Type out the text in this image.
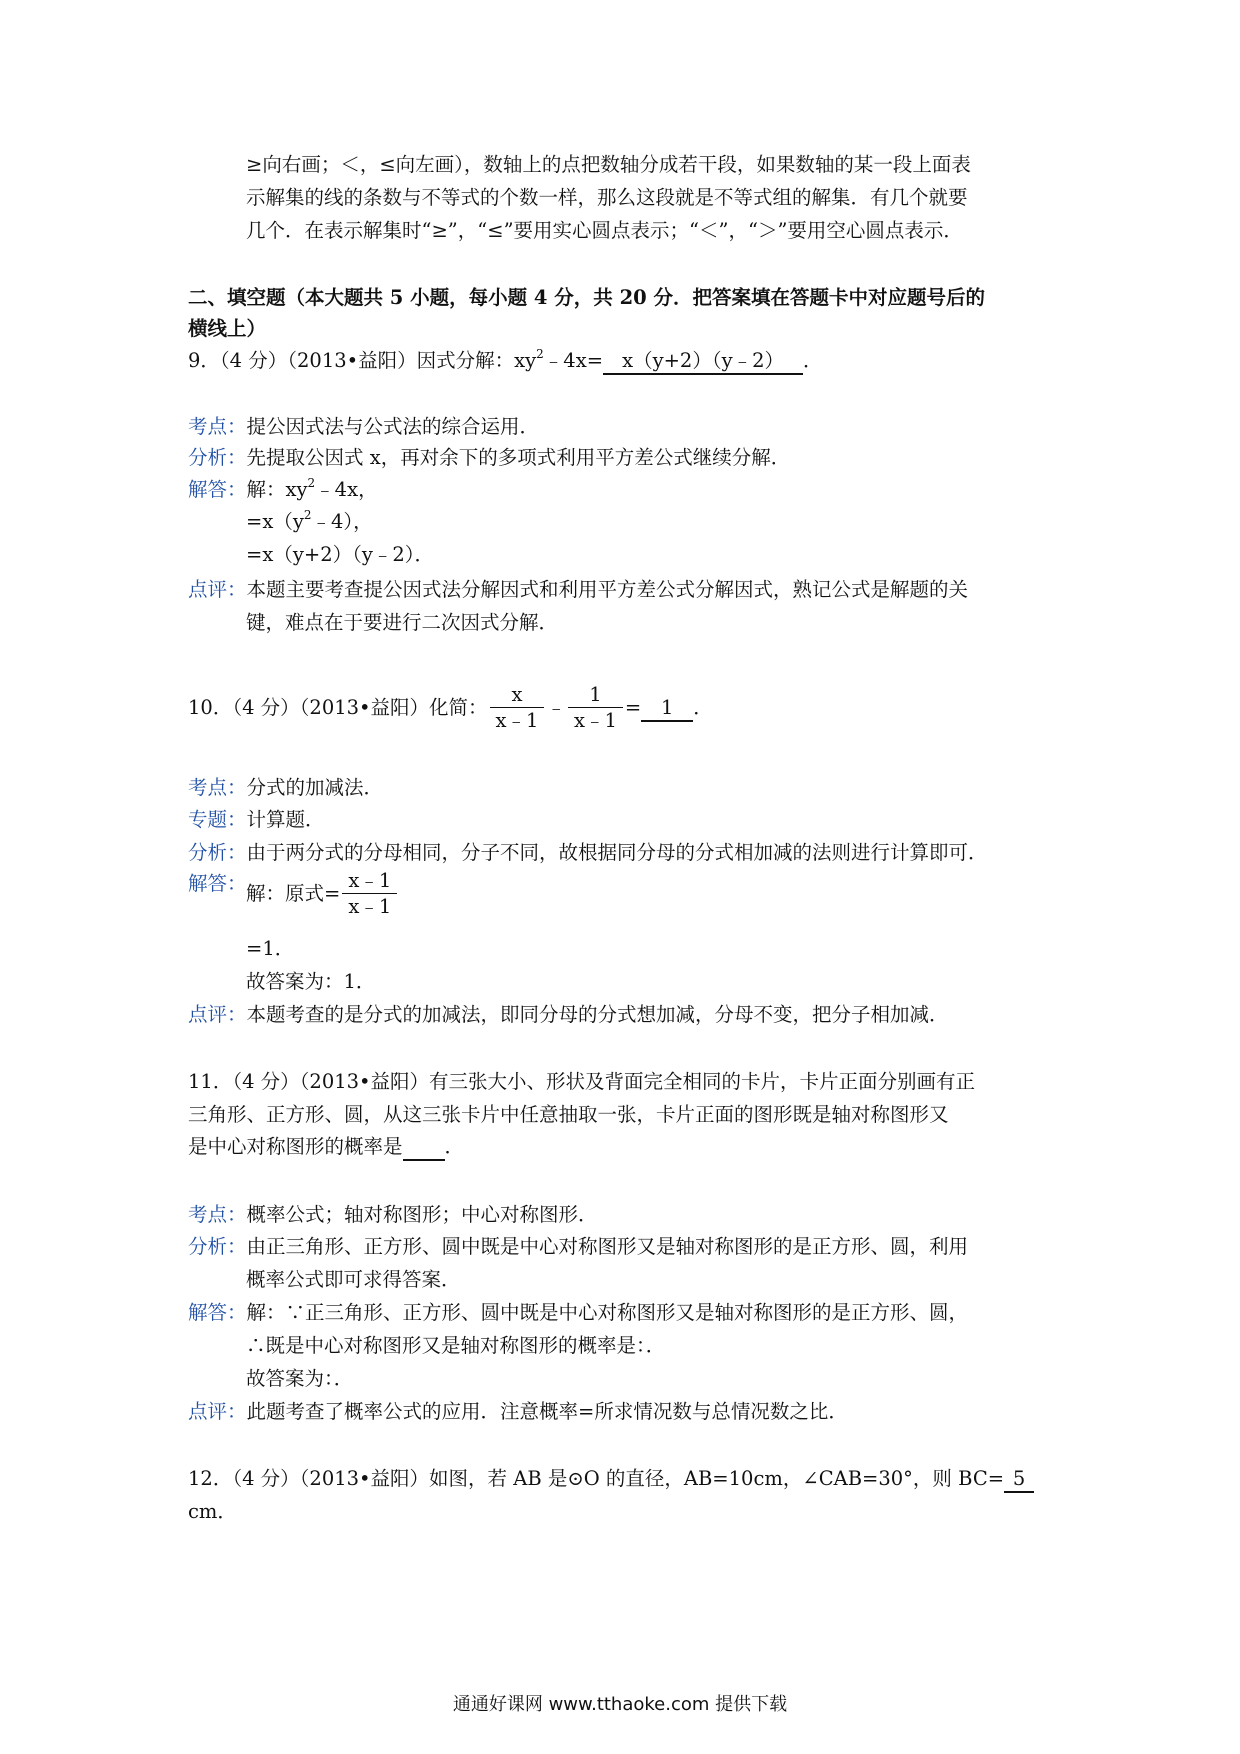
≥向右画；＜，≤向左画），数轴上的点把数轴分成若干段，如果数轴的某一段上面表
示解集的线的条数与不等式的个数一样，那么这段就是不等式组的解集．有几个就要
几个．在表示解集时“≥”，“≤”要用实心圆点表示；“＜”，“＞”要用空心圆点表示．
二、填空题（本大题共 5 小题，每小题 4 分，共 20 分．把答案填在答题卡中对应题号后的
横线上）
9．（4 分）（2013•益阳）因式分解：$xy^2﹣4x=$ x（y+2）（y﹣2） ．
考点：提公因式法与公式法的综合运用．
分析：先提取公因式 x，再对余下的多项式利用平方差公式继续分解．
解答：解：$xy^2﹣4x$，
$=x(y^2﹣4)$，
=x（y+2）（y﹣2）．
点评：本题主要考查提公因式法分解因式和利用平方差公式分解因式，熟记公式是解题的关
键，难点在于要进行二次因式分解．
10．（4 分）（2013•益阳）化简： $\frac{x}{x﹣1}$ ﹣ $\frac{1}{x﹣1} = 1$ ．
考点：分式的加减法．
专题：计算题．
分析：由于两分式的分母相同，分子不同，故根据同分母的分式相加减的法则进行计算即可．
解答： 解：原式= $\frac{x﹣1}{x﹣1}$
=1．
故答案为：1．
点评：本题考查的是分式的加减法，即同分母的分式想加减，分母不变，把分子相加减．
11．（4 分）（2013•益阳）有三张大小、形状及背面完全相同的卡片，卡片正面分别画有正
三角形、正方形、圆，从这三张卡片中任意抽取一张，卡片正面的图形既是轴对称图形又
是中心对称图形的概率是 ．
考点：概率公式；轴对称图形；中心对称图形．
分析：由正三角形、正方形、圆中既是中心对称图形又是轴对称图形的是正方形、圆，利用
概率公式即可求得答案．
解答：解：∵正三角形、正方形、圆中既是中心对称图形又是轴对称图形的是正方形、圆，
∴既是中心对称图形又是轴对称图形的概率是：．
故答案为：．
点评：此题考查了概率公式的应用．注意概率=所求情况数与总情况数之比．
12．（4 分）（2013•益阳）如图，若 AB 是⊙O 的直径，AB=10cm，∠CAB=30°，则 BC= 5
cm．
通通好课网 www.tthaoke.com 提供下载
